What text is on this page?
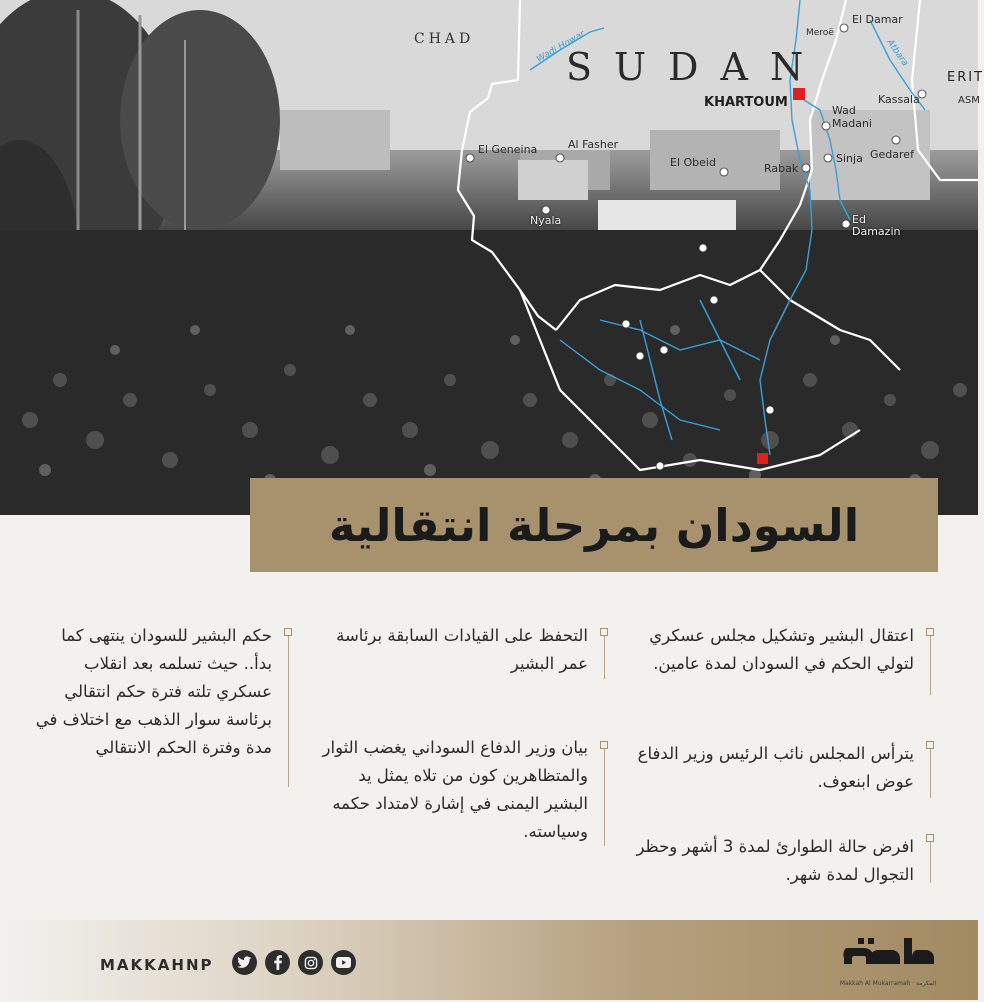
CHAD
SUDAN	ERIT
KHARTOUM
El Geneina	Al Fasher
El Obeid
Kadugli
Nyala
El Damar
Meroë
Wad Madani
Kassala
Sinja Gedaref
Rabak
Ed Damazin
ASM
Wadi Howar	Atbara
السودان بمرحلة انتقالية

اعتقال البشير وتشكيل مجلس عسكري لتولي الحكم في السودان لمدة عامين.

يترأس المجلس نائب الرئيس وزير الدفاع عوض ابنعوف.

افرض حالة الطوارئ لمدة 3 أشهر وحظر التجوال لمدة شهر.

التحفظ على القيادات السابقة برئاسة عمر البشير

بيان وزير الدفاع السوداني يغضب الثوار والمتظاهرين كون من تلاه يمثل يد البشير اليمنى في إشارة لامتداد حكمه وسياسته.

حكم البشير للسودان ينتهى كما بدأ.. حيث تسلمه بعد انقلاب عسكري تلته فترة حكم انتقالي برئاسة سوار الذهب مع اختلاف في مدة وفترة الحكم الانتقالي

MAKKAHNP
Makkah Al Mukarramah · المكرمة
